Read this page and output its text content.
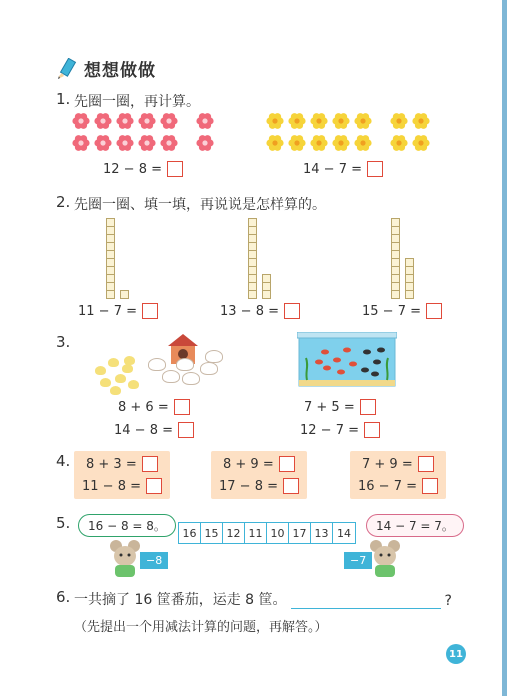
想想做做
1. 先圈一圈，再计算。
12 − 8 =	14 − 7 =
2. 先圈一圈、填一填，再说说是怎样算的。
11 − 7 =	13 − 8 =	15 − 7 =
3.
8 + 6 =
14 − 8 =
7 + 5 =
12 − 7 =
4. 8 + 3 =
11 − 8 =
8 + 9 =
17 − 8 =
7 + 9 =
16 − 7 =
5.	16 − 8 = 8。	14 − 7 = 7。
16 15 12 11 10 17 13 14
−8	−7
6. 一共摘了 16 筐番茄，运走 8 筐。	?
（先提出一个用减法计算的问题，再解答。）
11
